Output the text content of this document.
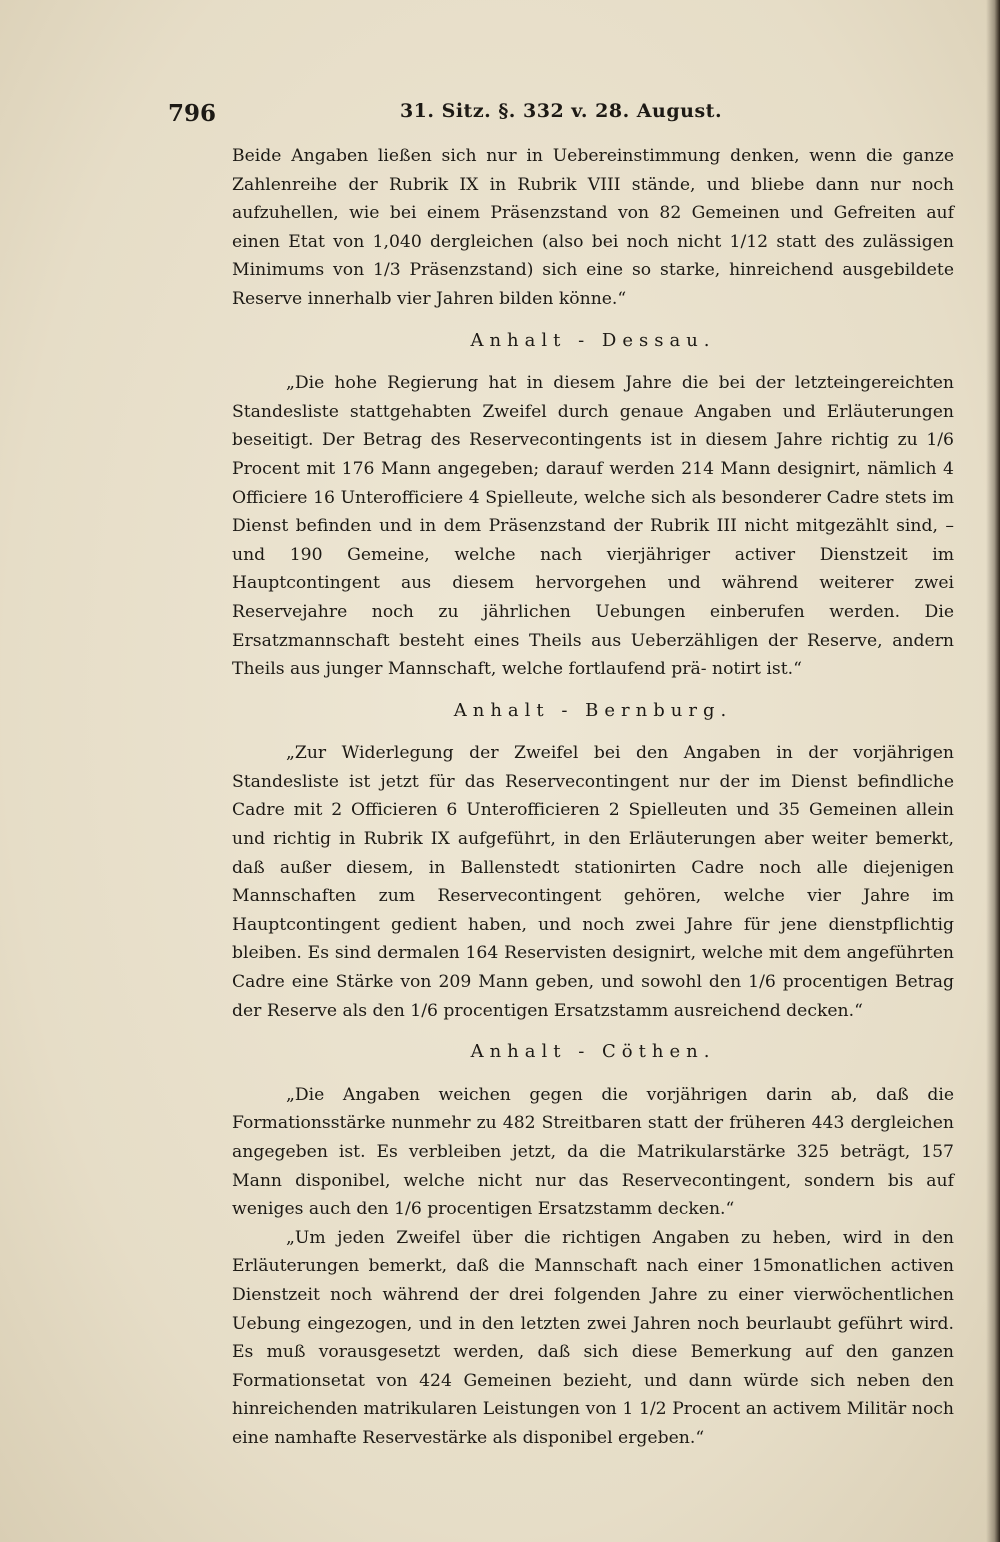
796	31. Sitz. §. 332 v. 28. August.

Beide Angaben ließen sich nur in Uebereinstimmung denken, wenn die ganze Zahlenreihe der Rubrik IX in Rubrik VIII stände, und bliebe dann nur noch aufzuhellen, wie bei einem Präsenzstand von 82 Gemeinen und Gefreiten auf einen Etat von 1,040 dergleichen (also bei noch nicht 1/12 statt des zulässigen Minimums von 1/3 Präsenzstand) sich eine so starke, hinreichend ausgebildete Reserve innerhalb vier Jahren bilden könne.“

Anhalt - Dessau.

„Die hohe Regierung hat in diesem Jahre die bei der letzteingereichten Standesliste stattgehabten Zweifel durch genaue Angaben und Erläuterungen beseitigt. Der Betrag des Reservecontingents ist in diesem Jahre richtig zu 1/6 Procent mit 176 Mann angegeben; darauf werden 214 Mann designirt, nämlich 4 Officiere 16 Unterofficiere 4 Spielleute, welche sich als besonderer Cadre stets im Dienst befinden und in dem Präsenzstand der Rubrik III nicht mitgezählt sind, – und 190 Gemeine, welche nach vierjähriger activer Dienstzeit im Hauptcontingent aus diesem hervorgehen und während weiterer zwei Reservejahre noch zu jährlichen Uebungen einberufen werden. Die Ersatzmannschaft besteht eines Theils aus Ueberzähligen der Reserve, andern Theils aus junger Mannschaft, welche fortlaufend prä- notirt ist.“

Anhalt - Bernburg.

„Zur Widerlegung der Zweifel bei den Angaben in der vorjährigen Standesliste ist jetzt für das Reservecontingent nur der im Dienst befindliche Cadre mit 2 Officieren 6 Unterofficieren 2 Spielleuten und 35 Gemeinen allein und richtig in Rubrik IX aufgeführt, in den Erläuterungen aber weiter bemerkt, daß außer diesem, in Ballenstedt stationirten Cadre noch alle diejenigen Mannschaften zum Reservecontingent gehören, welche vier Jahre im Hauptcontingent gedient haben, und noch zwei Jahre für jene dienstpflichtig bleiben. Es sind dermalen 164 Reservisten designirt, welche mit dem angeführten Cadre eine Stärke von 209 Mann geben, und sowohl den 1/6 procentigen Betrag der Reserve als den 1/6 procentigen Ersatzstamm ausreichend decken.“

Anhalt - Cöthen.

„Die Angaben weichen gegen die vorjährigen darin ab, daß die Formationsstärke nunmehr zu 482 Streitbaren statt der früheren 443 dergleichen angegeben ist. Es verbleiben jetzt, da die Matrikularstärke 325 beträgt, 157 Mann disponibel, welche nicht nur das Reservecontingent, sondern bis auf weniges auch den 1/6 procentigen Ersatzstamm decken.“

„Um jeden Zweifel über die richtigen Angaben zu heben, wird in den Erläuterungen bemerkt, daß die Mannschaft nach einer 15monatlichen activen Dienstzeit noch während der drei folgenden Jahre zu einer vierwöchentlichen Uebung eingezogen, und in den letzten zwei Jahren noch beurlaubt geführt wird. Es muß vorausgesetzt werden, daß sich diese Bemerkung auf den ganzen Formationsetat von 424 Gemeinen bezieht, und dann würde sich neben den hinreichenden matrikularen Leistungen von 1 1/2 Procent an activem Militär noch eine namhafte Reservestärke als disponibel ergeben.“
